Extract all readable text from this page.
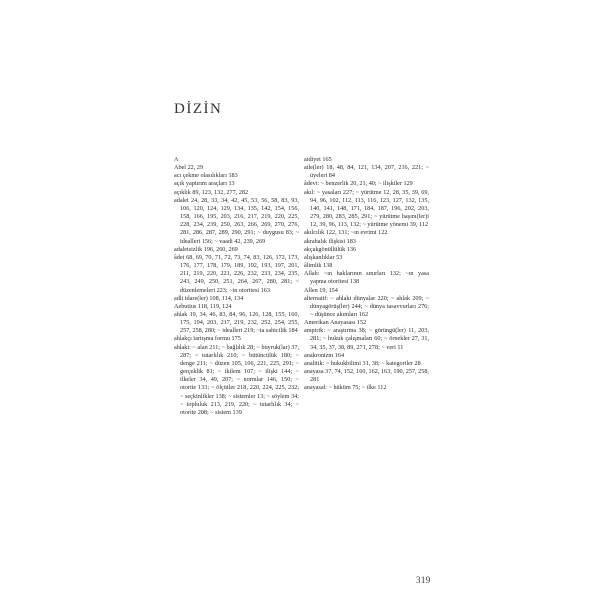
DİZİN
A
Abel 22, 29
acı çekme olasılıkları 183
açık yaptırım araçları 13
açıklık 89, 123, 132, 277, 282
adalet 24, 28, 33, 34, 42, 45, 53, 56, 58, 83, 93, 106, 120, 124, 129, 134, 135, 142, 154, 156, 158, 166, 195, 203, 216, 217, 219, 220, 225, 228, 234, 239, 250, 263, 266, 269, 270, 276, 281, 286, 287, 289, 290, 291; ~ duygusu 83; ~ idealleri 156; ~ vaadi 42, 239, 269
adaletsizlik 196, 260, 269
âdet 68, 69, 70, 71, 72, 73, 74, 83, 126, 172, 173, 176, 177, 178, 179, 189, 192, 193, 197, 201, 211, 219, 220, 221, 226, 232, 233, 234, 235, 243, 249, 250, 251, 264, 267, 280, 281; ~ düzenlemeleri 223; ~in otoritesi 163
adli idare(ler) 108, 114, 134
Aebutius 118, 119, 124
ahlak 19, 34, 46, 83, 84, 96, 126, 128, 155, 160, 175, 194, 203, 217, 219, 232, 252, 254, 255, 257, 258, 280; ~ idealleri 219; ~ta sahicilik 184
ahlakçı tartışma formu 175
ahlaki: ~ alan 211; ~ bağlılık 28; ~ buyruk(lar) 37, 287; ~ tutarlılık 210; ~ bütüncülük 180; ~ denge 211; ~ düzen 105, 106, 221, 225, 291; ~ gerçeklik 81; ~ ikilem 107; ~ ilişki 144; ~ ilkeler 34, 49, 207; ~ normlar 146, 150; ~ otorite 133; ~ ölçütler 218, 220, 224, 225, 232; ~ seçkinlikler 138; ~ sistemler 13; ~ söylem 34; ~ topluluk 213, 219, 220; ~ tutarlılık 34; ~ otorite 208; ~ sistem 139
aidiyet 165
aile(ler) 18, 48, 84, 121, 134, 207, 216, 221; ~ üyeleri 84
âdevi: ~ benzerlik 20, 21, 40; ~ ilişkiler 129
akıl: ~ yasaları 227; ~ yürütme 12, 28, 35, 39, 69, 94, 96, 102, 112, 113, 116, 123, 127, 132, 135, 140, 141, 148, 171, 184, 187, 196, 202, 203, 279, 280, 283, 285, 291; ~ yürütme başını(ler)i 12, 39, 96, 113, 132; ~ yürütme yönemi 39, 112
akılcılık 122, 131; ~ın evrimi 122
akrabalık ilişkisi 183
akçakgönüllülük 136
alışkanlıklar 53
âlimlik 138
Allah: ~ın haklarının sınırları 132; ~ın yasa yapma otoritesi 138
Allen 19, 154
alternatif: ~ ahlaki dünyalar 220; ~ ahlak 209; ~ dünyagörüş(ler) 244; ~ dünya tasavvurları 276; ~ düşünce akımları 162
Amerikan Anayasası 152
ampirik: ~ araştırma 38; ~ görüngü(ler) 11, 203, 281; ~ hukuk çalışmaları 60; ~ örnekler 27, 31, 34, 35, 37, 38, 89, 271, 278; ~ veri 11
anakronizm 164
analitik: ~ hukukbilimi 31, 38; ~ kategoriler 28
anayasa 37, 74, 152, 160, 162, 163, 190, 257, 258, 281
anayasal: ~ hüküm 75; ~ ilke 112
319
